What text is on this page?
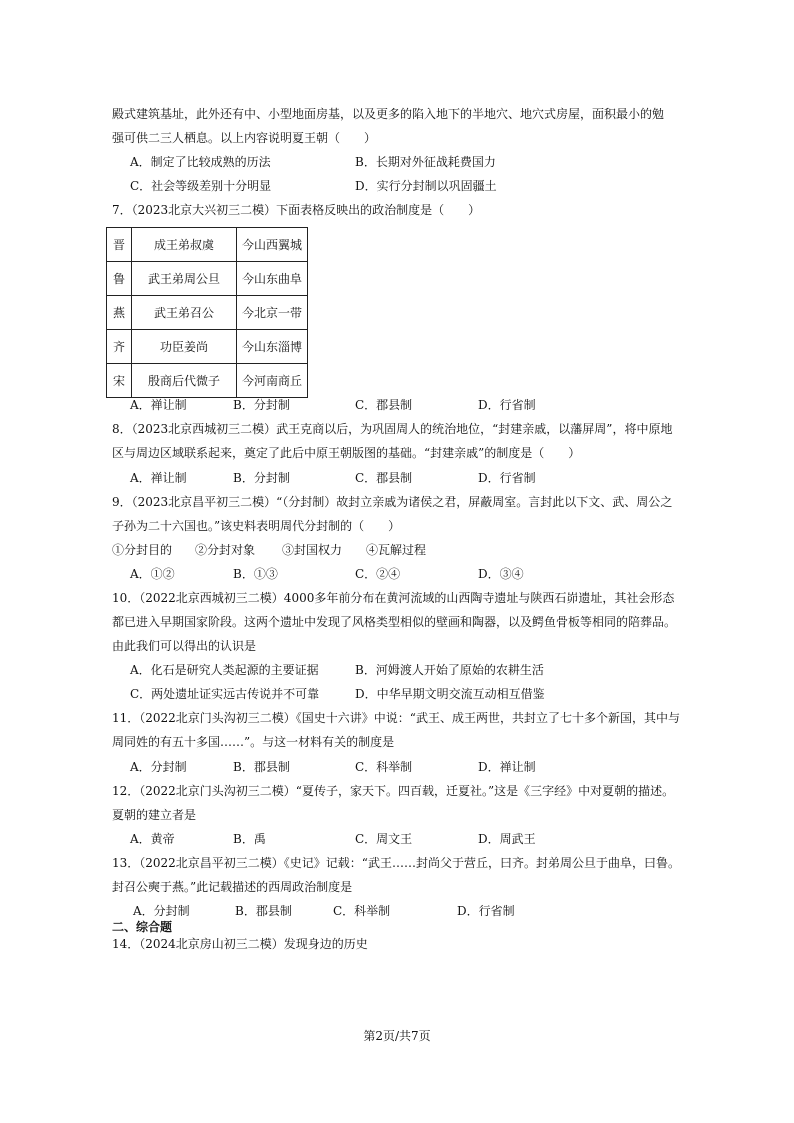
殿式建筑基址，此外还有中、小型地面房基，以及更多的陷入地下的半地穴、地穴式房屋，面积最小的勉
强可供二三人栖息。以上内容说明夏王朝（　　）
A．制定了比较成熟的历法	B．长期对外征战耗费国力
C．社会等级差别十分明显	D．实行分封制以巩固疆土
7．（2023北京大兴初三二模）下面表格反映出的政治制度是（　　）
晋	成王弟叔虞	今山西翼城
鲁	武王弟周公旦	今山东曲阜
燕	武王弟召公	今北京一带
齐	功臣姜尚	今山东淄博
宋	殷商后代微子	今河南商丘
A．禅让制	B．分封制	C．郡县制	D．行省制
8．（2023北京西城初三二模）武王克商以后，为巩固周人的统治地位，“封建亲戚，以藩屏周”，将中原地
区与周边区域联系起来，奠定了此后中原王朝版图的基础。“封建亲戚”的制度是（　　）
A．禅让制	B．分封制	C．郡县制	D．行省制
9．（2023北京昌平初三二模）“（分封制）故封立亲戚为诸侯之君，屏蔽周室。言封此以下文、武、周公之
子孙为二十六国也。”该史料表明周代分封制的（　　）
①分封目的 ②分封对象 ③封国权力 ④瓦解过程
A．①②	B．①③	C．②④	D．③④
10．（2022北京西城初三二模）4000多年前分布在黄河流域的山西陶寺遗址与陕西石峁遗址，其社会形态
都已进入早期国家阶段。这两个遗址中发现了风格类型相似的壁画和陶器，以及鳄鱼骨板等相同的陪葬品。
由此我们可以得出的认识是
A．化石是研究人类起源的主要证据	B．河姆渡人开始了原始的农耕生活
C．两处遗址证实远古传说并不可靠	D．中华早期文明交流互动相互借鉴
11．（2022北京门头沟初三二模）《国史十六讲》中说：“武王、成王两世，共封立了七十多个新国，其中与
周同姓的有五十多国……”。与这一材料有关的制度是
A．分封制	B．郡县制	C．科举制	D．禅让制
12．（2022北京门头沟初三二模）“夏传子，家天下。四百载，迁夏社。”这是《三字经》中对夏朝的描述。
夏朝的建立者是
A．黄帝	B．禹	C．周文王	D．周武王
13．（2022北京昌平初三二模）《史记》记载：“武王……封尚父于营丘，曰齐。封弟周公旦于曲阜，曰鲁。
封召公奭于燕。”此记载描述的西周政治制度是
A．分封制	B．郡县制	C．科举制	D．行省制
二、综合题
14．（2024北京房山初三二模）发现身边的历史
第2页/共7页
